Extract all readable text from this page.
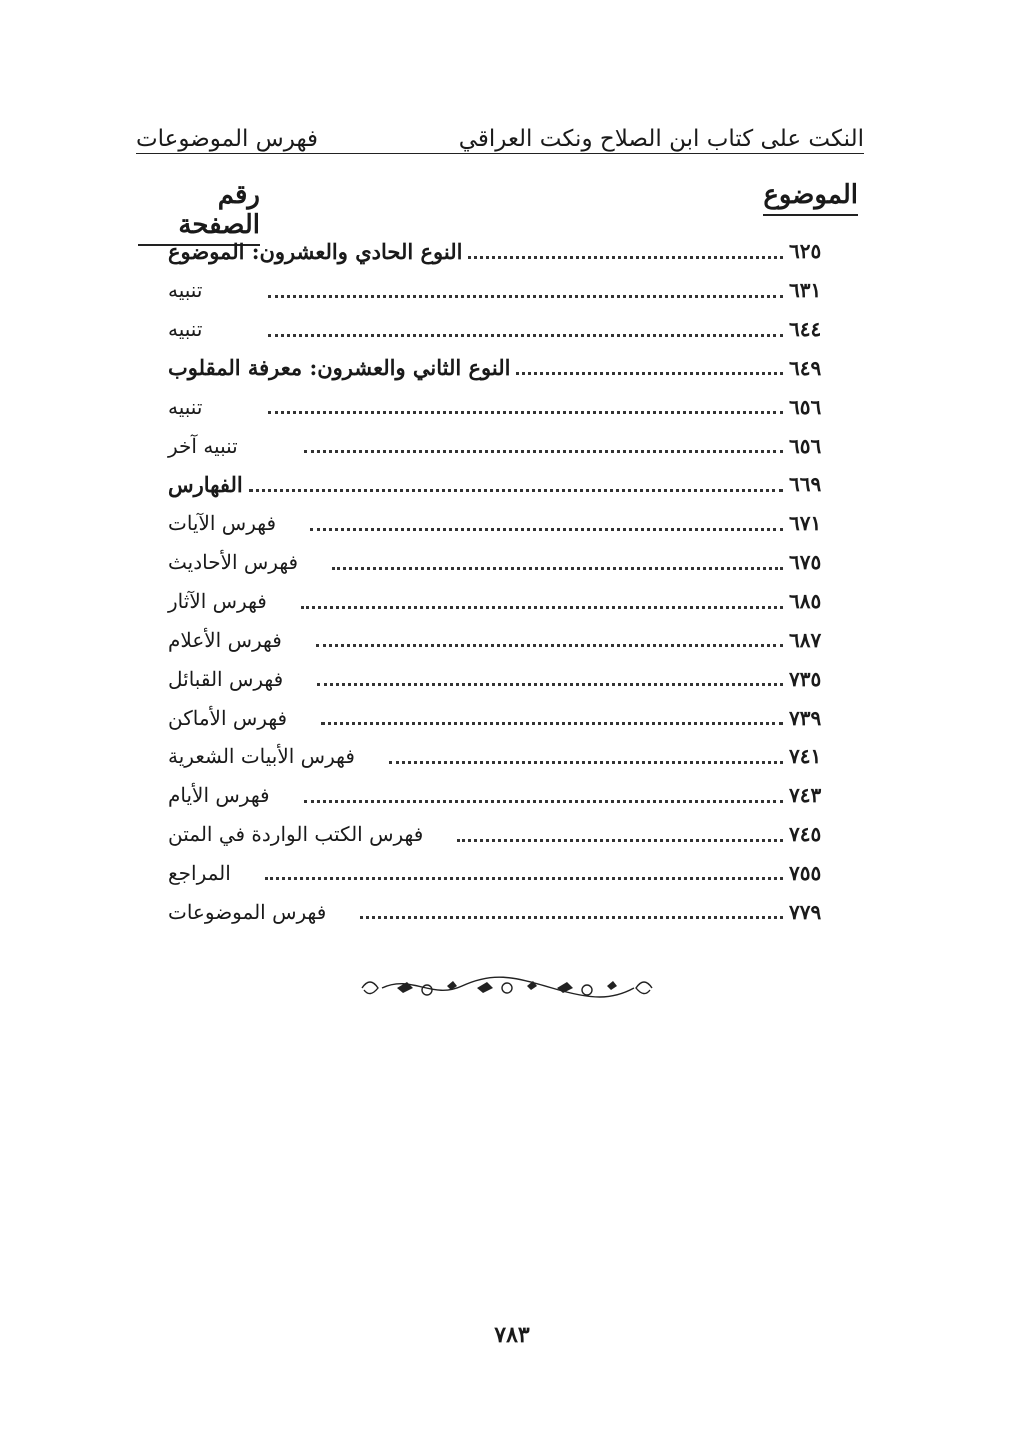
النكت على كتاب ابن الصلاح ونكت العراقي
فهرس الموضوعات
الموضوع
رقم الصفحة
النوع الحادي والعشرون: الموضوع	٦٢٥
تنبيه	٦٣١
تنبيه	٦٤٤
النوع الثاني والعشرون: معرفة المقلوب	٦٤٩
تنبيه	٦٥٦
تنبيه آخر	٦٥٦
الفهارس	٦٦٩
فهرس الآيات	٦٧١
فهرس الأحاديث	٦٧٥
فهرس الآثار	٦٨٥
فهرس الأعلام	٦٨٧
فهرس القبائل	٧٣٥
فهرس الأماكن	٧٣٩
فهرس الأبيات الشعرية	٧٤١
فهرس الأيام	٧٤٣
فهرس الكتب الواردة في المتن	٧٤٥
المراجع	٧٥٥
فهرس الموضوعات	٧٧٩
٧٨٣
